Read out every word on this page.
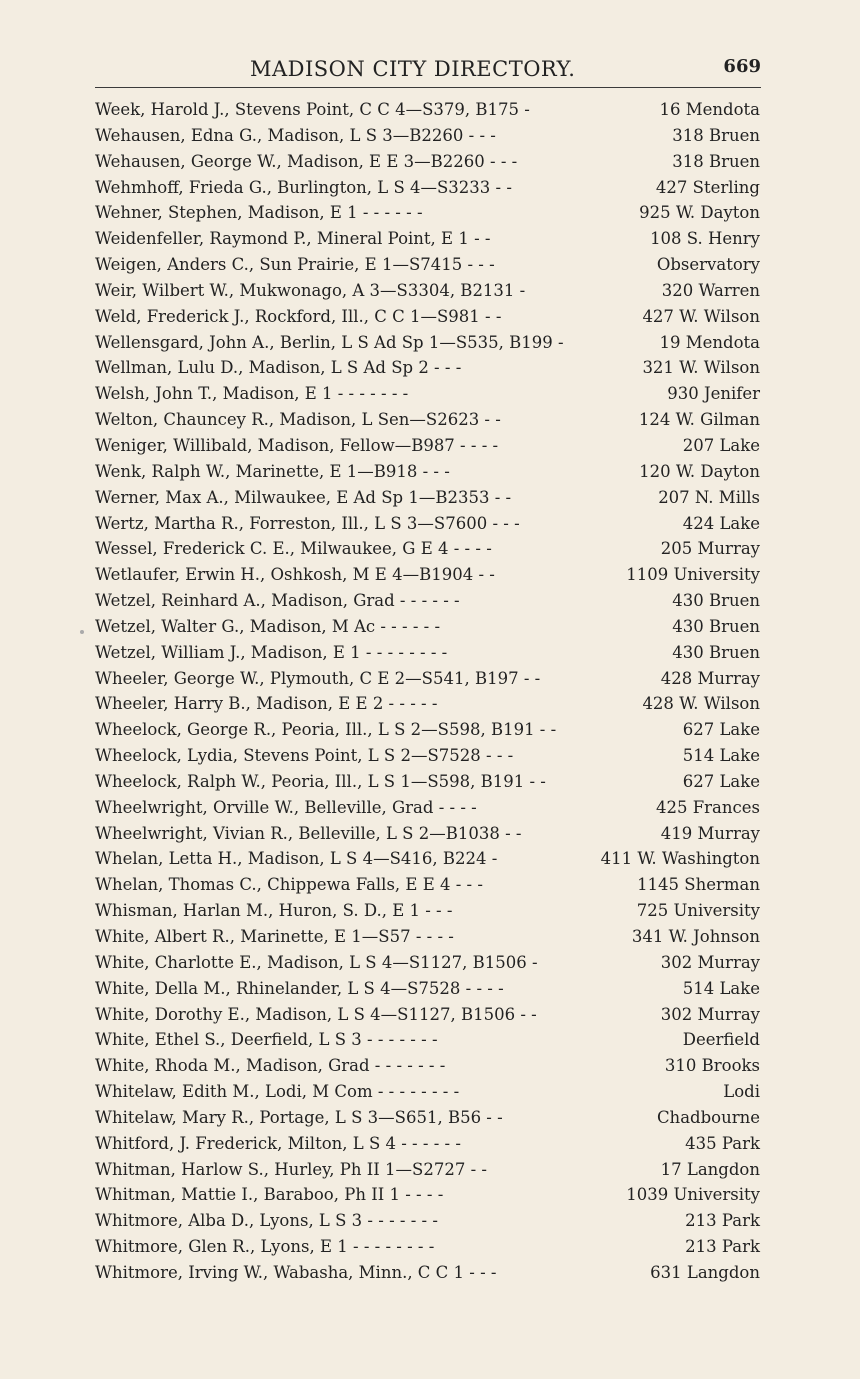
MADISON CITY DIRECTORY.	669
Week, Harold J., Stevens Point, C C 4—S379, B175 -	16 Mendota
Wehausen, Edna G., Madison, L S 3—B2260 - - -	318 Bruen
Wehausen, George W., Madison, E E 3—B2260 - - -	318 Bruen
Wehmhoff, Frieda G., Burlington, L S 4—S3233 - -	427 Sterling
Wehner, Stephen, Madison, E 1 - - - - - -	925 W. Dayton
Weidenfeller, Raymond P., Mineral Point, E 1 - -	108 S. Henry
Weigen, Anders C., Sun Prairie, E 1—S7415 - - -	Observatory
Weir, Wilbert W., Mukwonago, A 3—S3304, B2131 -	320 Warren
Weld, Frederick J., Rockford, Ill., C C 1—S981 - -	427 W. Wilson
Wellensgard, John A., Berlin, L S Ad Sp 1—S535, B199 -	19 Mendota
Wellman, Lulu D., Madison, L S Ad Sp 2 - - -	321 W. Wilson
Welsh, John T., Madison, E 1 - - - - - - -	930 Jenifer
Welton, Chauncey R., Madison, L Sen—S2623 - -	124 W. Gilman
Weniger, Willibald, Madison, Fellow—B987 - - - -	207 Lake
Wenk, Ralph W., Marinette, E 1—B918 - - -	120 W. Dayton
Werner, Max A., Milwaukee, E Ad Sp 1—B2353 - -	207 N. Mills
Wertz, Martha R., Forreston, Ill., L S 3—S7600 - - -	424 Lake
Wessel, Frederick C. E., Milwaukee, G E 4 - - - -	205 Murray
Wetlaufer, Erwin H., Oshkosh, M E 4—B1904 - -	1109 University
Wetzel, Reinhard A., Madison, Grad - - - - - -	430 Bruen
Wetzel, Walter G., Madison, M Ac - - - - - -	430 Bruen
Wetzel, William J., Madison, E 1 - - - - - - - -	430 Bruen
Wheeler, George W., Plymouth, C E 2—S541, B197 - -	428 Murray
Wheeler, Harry B., Madison, E E 2 - - - - -	428 W. Wilson
Wheelock, George R., Peoria, Ill., L S 2—S598, B191 - -	627 Lake
Wheelock, Lydia, Stevens Point, L S 2—S7528 - - -	514 Lake
Wheelock, Ralph W., Peoria, Ill., L S 1—S598, B191 - -	627 Lake
Wheelwright, Orville W., Belleville, Grad - - - -	425 Frances
Wheelwright, Vivian R., Belleville, L S 2—B1038 - -	419 Murray
Whelan, Letta H., Madison, L S 4—S416, B224 -	411 W. Washington
Whelan, Thomas C., Chippewa Falls, E E 4 - - -	1145 Sherman
Whisman, Harlan M., Huron, S. D., E 1 - - -	725 University
White, Albert R., Marinette, E 1—S57 - - - -	341 W. Johnson
White, Charlotte E., Madison, L S 4—S1127, B1506 -	302 Murray
White, Della M., Rhinelander, L S 4—S7528 - - - -	514 Lake
White, Dorothy E., Madison, L S 4—S1127, B1506 - -	302 Murray
White, Ethel S., Deerfield, L S 3 - - - - - - -	Deerfield
White, Rhoda M., Madison, Grad - - - - - - -	310 Brooks
Whitelaw, Edith M., Lodi, M Com - - - - - - - -	Lodi
Whitelaw, Mary R., Portage, L S 3—S651, B56 - -	Chadbourne
Whitford, J. Frederick, Milton, L S 4 - - - - - -	435 Park
Whitman, Harlow S., Hurley, Ph II 1—S2727 - -	17 Langdon
Whitman, Mattie I., Baraboo, Ph II 1 - - - -	1039 University
Whitmore, Alba D., Lyons, L S 3 - - - - - - -	213 Park
Whitmore, Glen R., Lyons, E 1 - - - - - - - -	213 Park
Whitmore, Irving W., Wabasha, Minn., C C 1 - - -	631 Langdon
